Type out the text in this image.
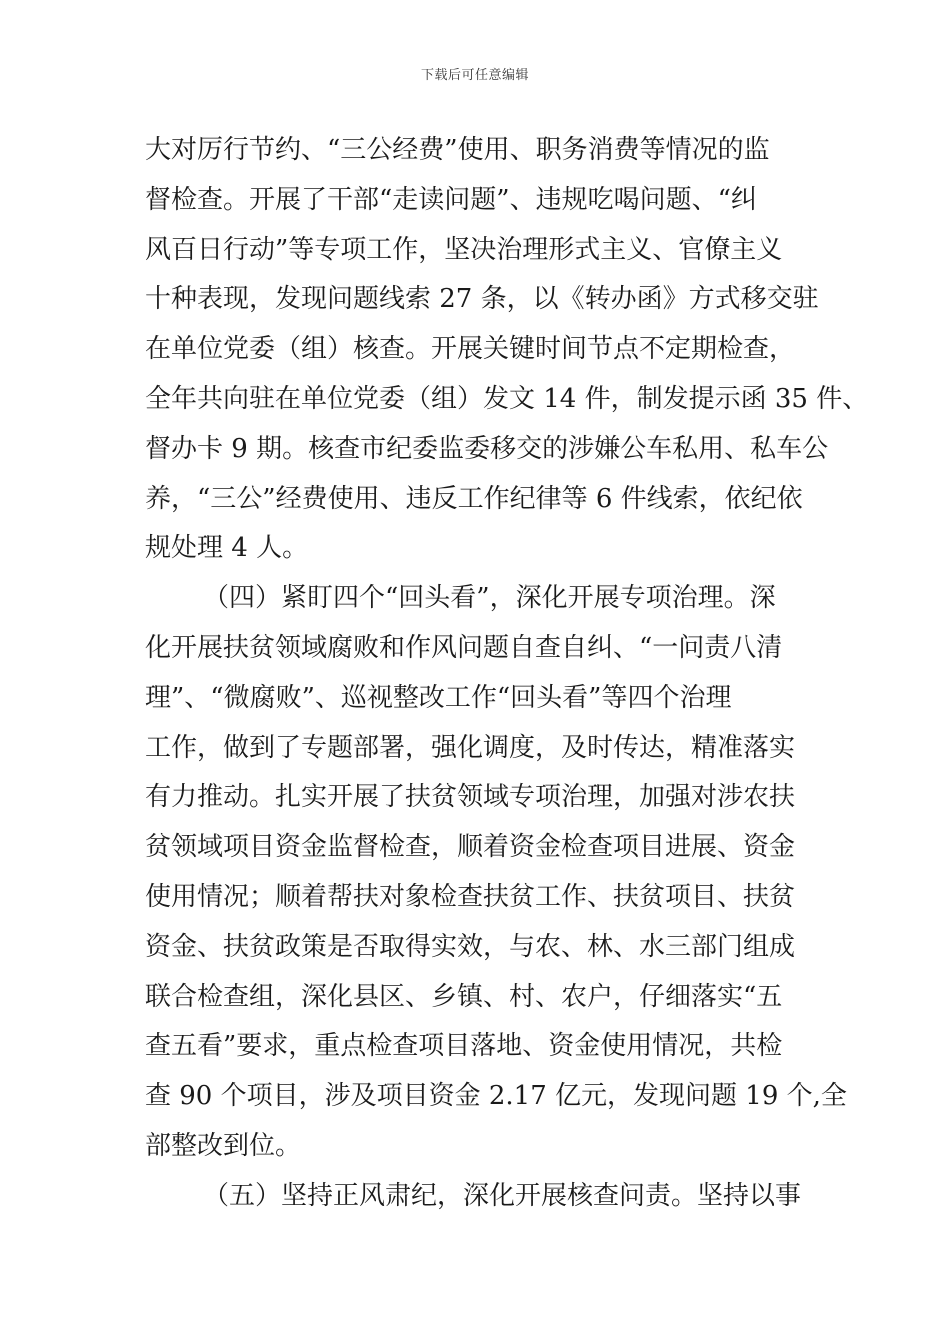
下载后可任意编辑
大对厉行节约、“三公经费”使用、职务消费等情况的监
督检查。开展了干部“走读问题”、违规吃喝问题、“纠
风百日行动”等专项工作，坚决治理形式主义、官僚主义
十种表现，发现问题线索 27 条，以《转办函》方式移交驻
在单位党委（组）核查。开展关键时间节点不定期检查，
全年共向驻在单位党委（组）发文 14 件，制发提示函 35 件、
督办卡 9 期。核查市纪委监委移交的涉嫌公车私用、私车公
养，“三公”经费使用、违反工作纪律等 6 件线索，依纪依
规处理 4 人。
（四）紧盯四个“回头看”，深化开展专项治理。深
化开展扶贫领域腐败和作风问题自查自纠、“一问责八清
理”、“微腐败”、巡视整改工作“回头看”等四个治理
工作，做到了专题部署，强化调度，及时传达，精准落实
有力推动。扎实开展了扶贫领域专项治理，加强对涉农扶
贫领域项目资金监督检查，顺着资金检查项目进展、资金
使用情况；顺着帮扶对象检查扶贫工作、扶贫项目、扶贫
资金、扶贫政策是否取得实效，与农、林、水三部门组成
联合检查组，深化县区、乡镇、村、农户，仔细落实“五
查五看”要求，重点检查项目落地、资金使用情况，共检
查 90 个项目，涉及项目资金 2.17 亿元，发现问题 19 个,全
部整改到位。
（五）坚持正风肃纪，深化开展核查问责。坚持以事
